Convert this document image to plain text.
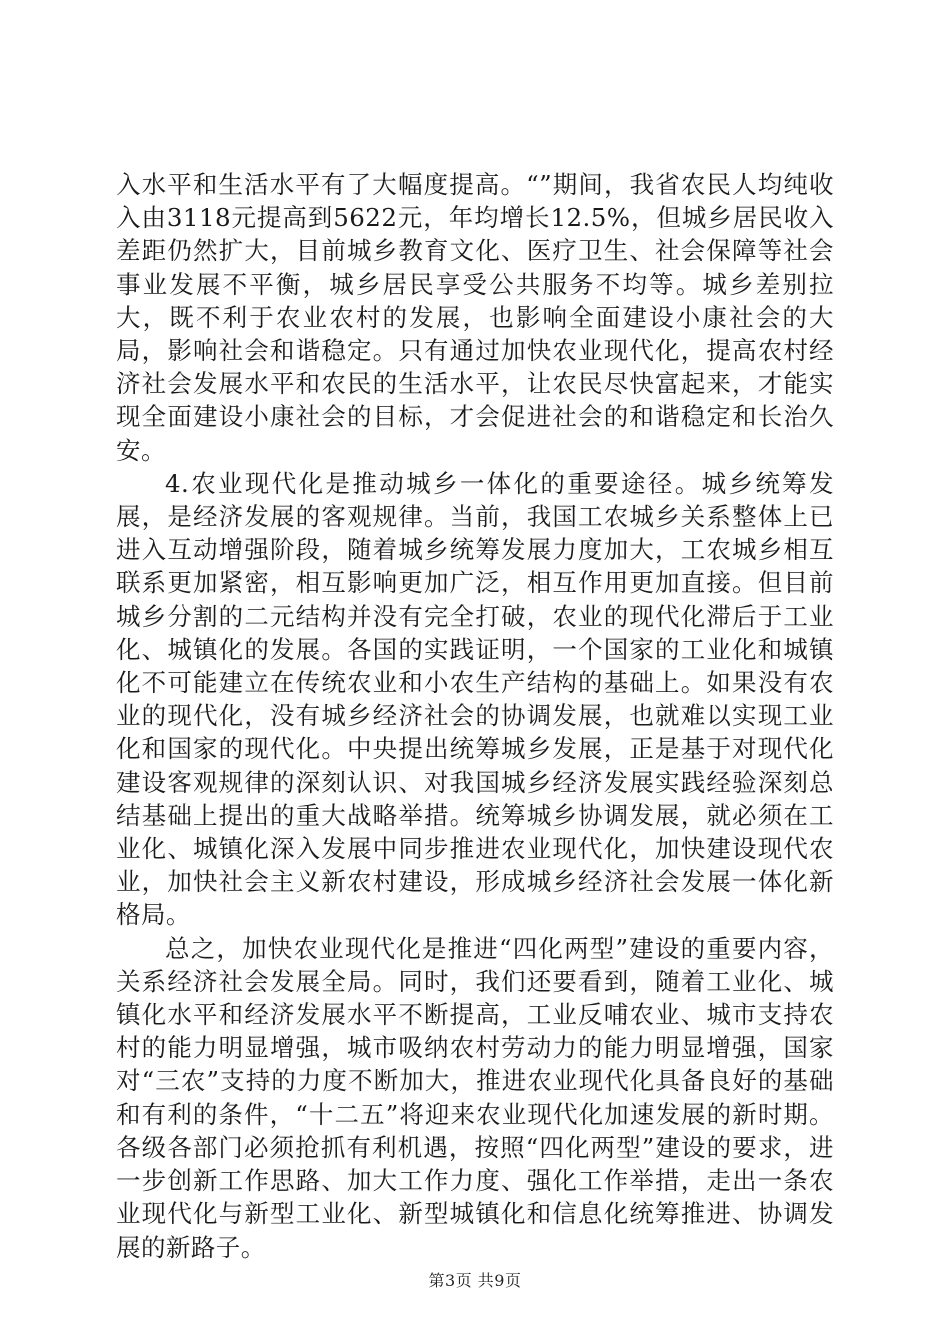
入水平和生活水平有了大幅度提高。“”期间，我省农民人均纯收入由3118元提高到5622元，年均增长12.5%，但城乡居民收入差距仍然扩大，目前城乡教育文化、医疗卫生、社会保障等社会事业发展不平衡，城乡居民享受公共服务不均等。城乡差别拉大，既不利于农业农村的发展，也影响全面建设小康社会的大局，影响社会和谐稳定。只有通过加快农业现代化，提高农村经济社会发展水平和农民的生活水平，让农民尽快富起来，才能实现全面建设小康社会的目标，才会促进社会的和谐稳定和长治久安。

4.农业现代化是推动城乡一体化的重要途径。城乡统筹发展，是经济发展的客观规律。当前，我国工农城乡关系整体上已进入互动增强阶段，随着城乡统筹发展力度加大，工农城乡相互联系更加紧密，相互影响更加广泛，相互作用更加直接。但目前城乡分割的二元结构并没有完全打破，农业的现代化滞后于工业化、城镇化的发展。各国的实践证明，一个国家的工业化和城镇化不可能建立在传统农业和小农生产结构的基础上。如果没有农业的现代化，没有城乡经济社会的协调发展，也就难以实现工业化和国家的现代化。中央提出统筹城乡发展，正是基于对现代化建设客观规律的深刻认识、对我国城乡经济发展实践经验深刻总结基础上提出的重大战略举措。统筹城乡协调发展，就必须在工业化、城镇化深入发展中同步推进农业现代化，加快建设现代农业，加快社会主义新农村建设，形成城乡经济社会发展一体化新格局。

总之，加快农业现代化是推进“四化两型”建设的重要内容，关系经济社会发展全局。同时，我们还要看到，随着工业化、城镇化水平和经济发展水平不断提高，工业反哺农业、城市支持农村的能力明显增强，城市吸纳农村劳动力的能力明显增强，国家对“三农”支持的力度不断加大，推进农业现代化具备良好的基础和有利的条件，“十二五”将迎来农业现代化加速发展的新时期。各级各部门必须抢抓有利机遇，按照“四化两型”建设的要求，进一步创新工作思路、加大工作力度、强化工作举措，走出一条农业现代化与新型工业化、新型城镇化和信息化统筹推进、协调发展的新路子。

第3页 共9页
